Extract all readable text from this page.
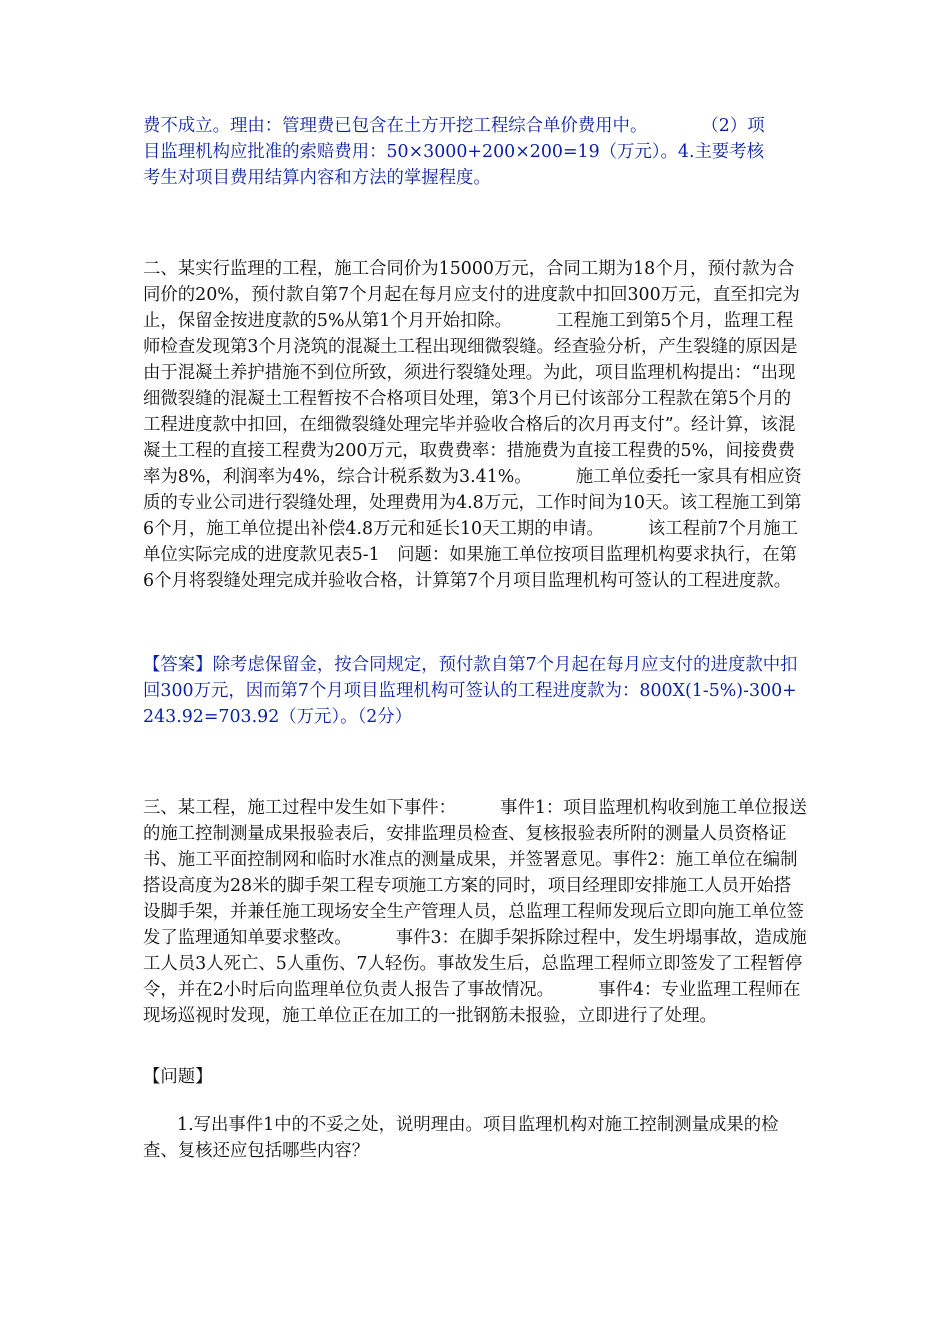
费不成立。理由：管理费已包含在土方开挖工程综合单价费用中。	（2）项
目监理机构应批准的索赔费用：50×3000+200×200=19（万元）。4.主要考核
考生对项目费用结算内容和方法的掌握程度。

二、某实行监理的工程，施工合同价为15000万元，合同工期为18个月，预付款为合同价的20%，预付款自第7个月起在每月应支付的进度款中扣回300万元，直至扣完为止，保留金按进度款的5%从第1个月开始扣除。	工程施工到第5个月，监理工程师检查发现第3个月浇筑的混凝土工程出现细微裂缝。经查验分析，产生裂缝的原因是由于混凝土养护措施不到位所致，须进行裂缝处理。为此，项目监理机构提出：“出现细微裂缝的混凝土工程暂按不合格项目处理，第3个月已付该部分工程款在第5个月的工程进度款中扣回，在细微裂缝处理完毕并验收合格后的次月再支付”。经计算，该混凝土工程的直接工程费为200万元，取费费率：措施费为直接工程费的5%，间接费费率为8%，利润率为4%，综合计税系数为3.41%。	施工单位委托一家具有相应资质的专业公司进行裂缝处理，处理费用为4.8万元，工作时间为10天。该工程施工到第6个月，施工单位提出补偿4.8万元和延长10天工期的申请。	该工程前7个月施工单位实际完成的进度款见表5-1　问题：如果施工单位按项目监理机构要求执行，在第6个月将裂缝处理完成并验收合格，计算第7个月项目监理机构可签认的工程进度款。

【答案】除考虑保留金，按合同规定，预付款自第7个月起在每月应支付的进度款中扣回300万元，因而第7个月项目监理机构可签认的工程进度款为：800X(1-5%)-300+243.92=703.92（万元）。（2分）

三、某工程，施工过程中发生如下事件：	事件1：项目监理机构收到施工单位报送的施工控制测量成果报验表后，安排监理员检查、复核报验表所附的测量人员资格证书、施工平面控制网和临时水准点的测量成果，并签署意见。事件2：施工单位在编制搭设高度为28米的脚手架工程专项施工方案的同时，项目经理即安排施工人员开始搭设脚手架，并兼任施工现场安全生产管理人员，总监理工程师发现后立即向施工单位签发了监理通知单要求整改。	事件3：在脚手架拆除过程中，发生坍塌事故，造成施工人员3人死亡、5人重伤、7人轻伤。事故发生后，总监理工程师立即签发了工程暂停令，并在2小时后向监理单位负责人报告了事故情况。	事件4：专业监理工程师在现场巡视时发现，施工单位正在加工的一批钢筋未报验，立即进行了处理。

【问题】

1.写出事件1中的不妥之处，说明理由。项目监理机构对施工控制测量成果的检查、复核还应包括哪些内容？
